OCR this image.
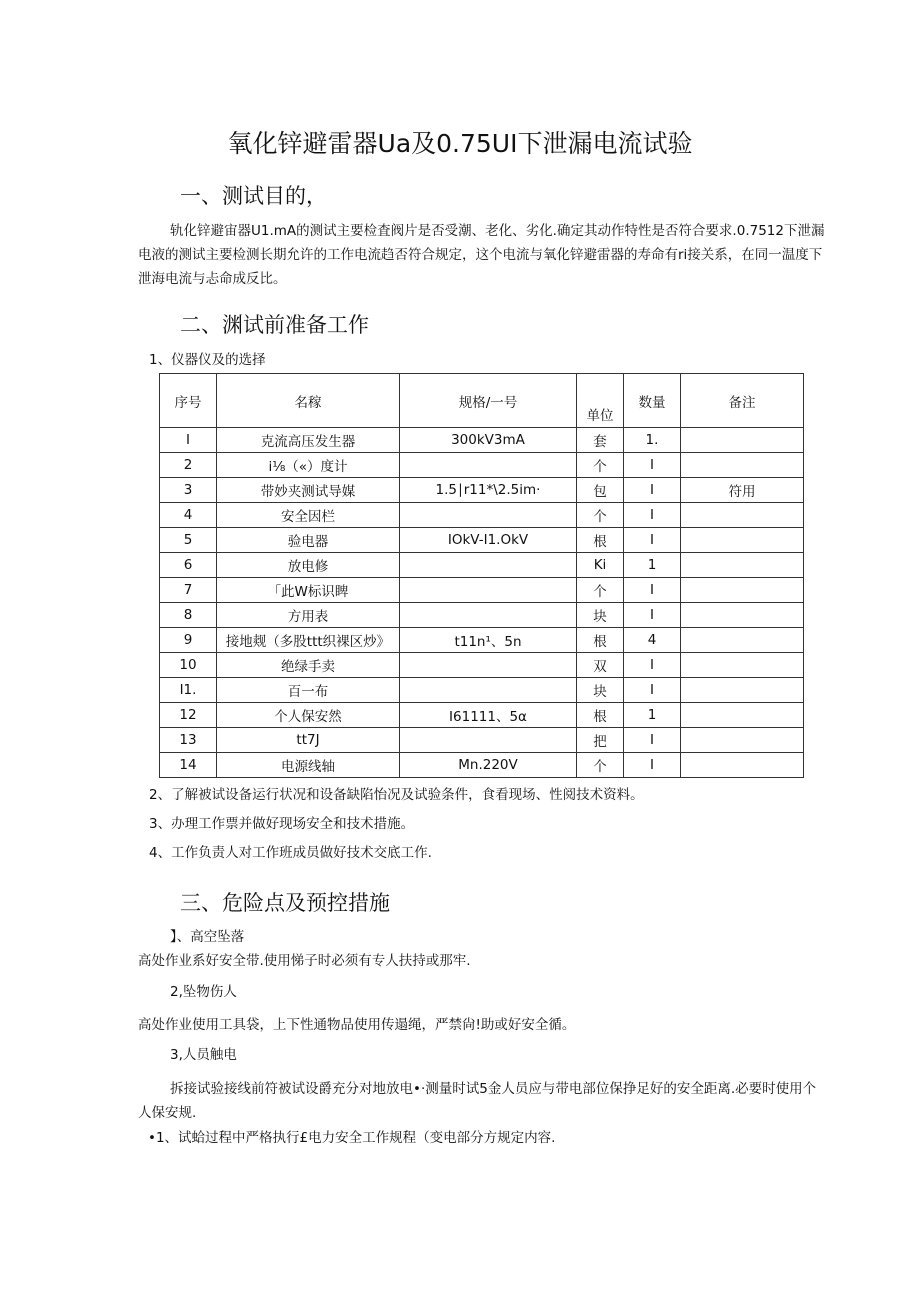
氧化锌避雷器Ua及0.75UI下泄漏电流试验
一、测试目的，
轨化锌避宙器U1.mA的测试主要检査阀片是否受潮、老化、劣化.确定其动作特性是否符合要求.0.7512下泄漏电液的测试主要检测长期允许的工作电流趋否符合规定，这个电流与氧化锌避雷器的寿命有ri接关系，在同一温度下泄海电流与忐命成反比。
二、渊试前准备工作
1、仪器仪及的选择
序号	名稼	规格/一号	单位	数量	备注
I	克流高压发生器	300kV3mA	套	1.	
2	i⅛（«）度计		个	I	
3	带妙夹测试导媒	1.5∣r11*\2.5im·	包	I	符用
4	安全因栏		个	I	
5	验电器	IOkV-I1.OkV	根	I	
6	放电修		Ki	1	
7	「此W标识睥		个	I	
8	方用表		块	I	
9	接地觌（多股ttt织裸区炒》	t11n¹、5n	根	4	
10	绝绿手卖		双	I	
I1.	百一布		块	I	
12	个人保安然	I61111、5α	根	1	
13	tt7J		把	I	
14	电源线轴	Mn.220V	个	I	
2、了解被试设备运行状况和设备缺陷怡况及试验条件，食看现场、性阅技术资料。
3、办理工作票并做好现场安全和技术措施。
4、工作负责人对工作班成员做好技术交底工作.
三、危险点及预控措施
】、高空坠落
高处作业系好安全带.使用悌子时必须有专人扶持或那牢.
2,坠物伤人
高处作业使用工具袋，上下性通物品使用传遢绳，严禁尙!助或好安全循。
3,人员触电
拆接试验接线前符被试设爵充分对地放电•·测量时试5金人员应与带电部位保挣足好的安全距离.必要时使用个人保安规.
•1、试蛤过程中严格执行£电力安全工作规程（变电部分方规定内容.
